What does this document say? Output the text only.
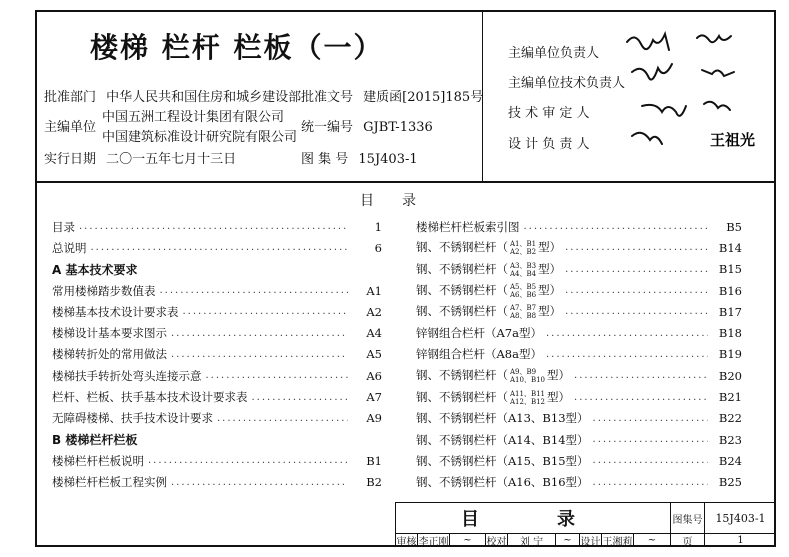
楼梯 栏杆 栏板（一）
批准部门 中华人民共和国住房和城乡建设部 批准文号 建质函[2015]185号
主编单位
中国五洲工程设计集团有限公司
中国建筑标准设计研究院有限公司
统一编号 GJBT-1336
实行日期 二〇一五年七月十三日	图 集 号 15J403-1
主编单位负责人
主编单位技术负责人
技 术 审 定 人
设 计 负 责 人	王祖光
目　　录
目录 .....	1
总说明 .....	6
A 基本技术要求
常用楼梯踏步数值表 .....	A1
楼梯基本技术设计要求表 .....	A2
楼梯设计基本要求图示 .....	A4
楼梯转折处的常用做法 .....	A5
楼梯扶手转折处弯头连接示意 .....	A6
栏杆、栏板、扶手基本技术设计要求表 .....	A7
无障碍楼梯、扶手技术设计要求 .....	A9
B 楼梯栏杆栏板
楼梯栏杆栏板说明 .....	B1
楼梯栏杆栏板工程实例 .....	B2
楼梯栏杆栏板索引图 .....	B5
钢、不锈钢栏杆（ A1、B1
A2、B2 型） .....	B14
钢、不锈钢栏杆（ A3、B3
A4、B4 型） .....	B15
钢、不锈钢栏杆（ A5、B5
A6、B6 型） .....	B16
钢、不锈钢栏杆（ A7、B7
A8、B8 型） .....	B17
锌钢组合栏杆（A7a型） .....	B18
锌钢组合栏杆（A8a型） .....	B19
钢、不锈钢栏杆（ A9、B9
A10、B10 型） .....	B20
钢、不锈钢栏杆（ A11、B11
A12、B12 型） .....	B21
钢、不锈钢栏杆（A13、B13型） .....	B22
钢、不锈钢栏杆（A14、B14型） .....	B23
钢、不锈钢栏杆（A15、B15型） .....	B24
钢、不锈钢栏杆（A16、B16型） .....	B25
目　录	图集号	15J403-1
审核 李正刚	~	校对	刘 宁	~ 设计 王湘莉	~	页	1
